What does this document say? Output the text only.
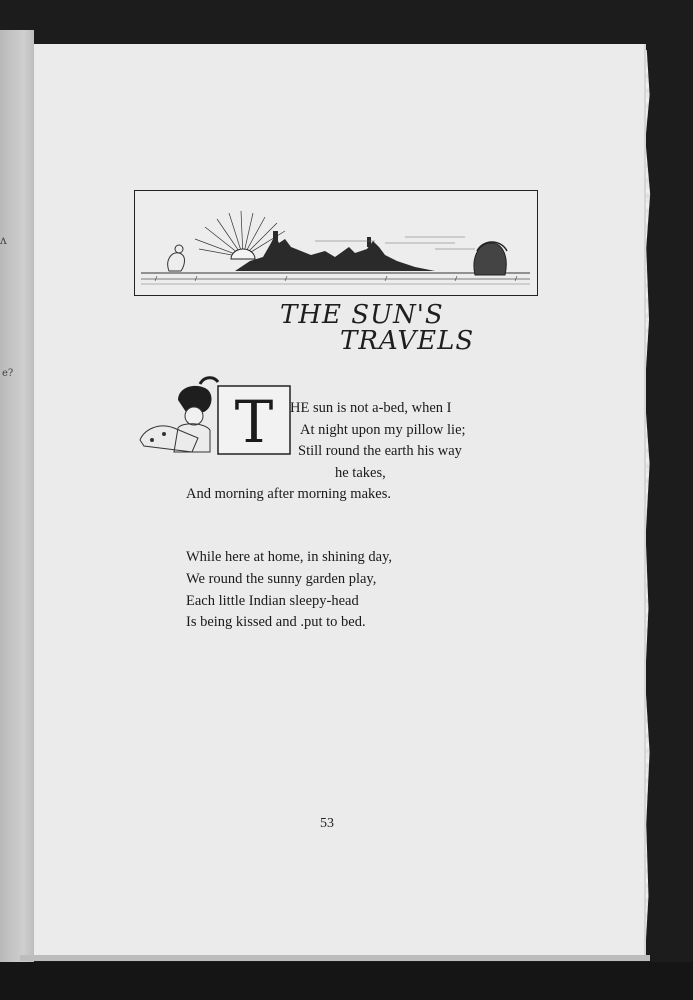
ʌ
e?
THE SUN'S
TRAVELS
T HE sun is not a-bed, when I
At night upon my pillow lie;
Still round the earth his way
he takes,
And morning after morning makes.
While here at home, in shining day,
We round the sunny garden play,
Each little Indian sleepy-head
Is being kissed and .put to bed.
53
